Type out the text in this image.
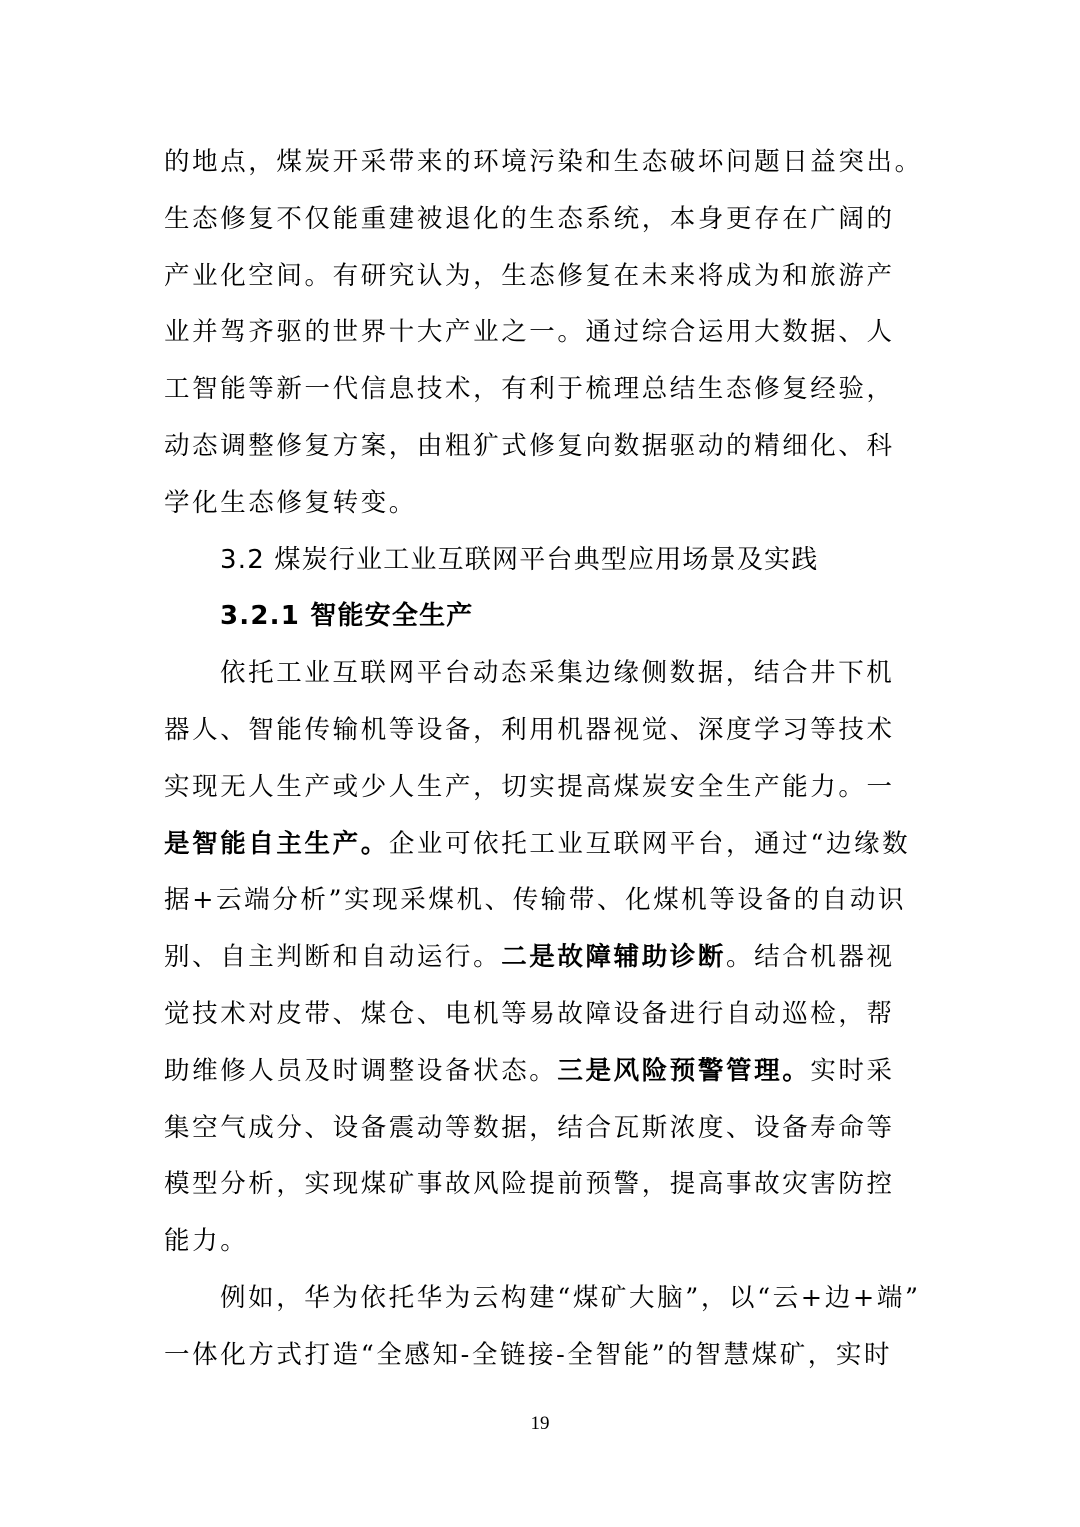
的地点，煤炭开采带来的环境污染和生态破坏问题日益突出。
生态修复不仅能重建被退化的生态系统，本身更存在广阔的
产业化空间。有研究认为，生态修复在未来将成为和旅游产
业并驾齐驱的世界十大产业之一。通过综合运用大数据、人
工智能等新一代信息技术，有利于梳理总结生态修复经验，
动态调整修复方案，由粗犷式修复向数据驱动的精细化、科
学化生态修复转变。
3.2 煤炭行业工业互联网平台典型应用场景及实践
3.2.1 智能安全生产
依托工业互联网平台动态采集边缘侧数据，结合井下机
器人、智能传输机等设备，利用机器视觉、深度学习等技术
实现无人生产或少人生产，切实提高煤炭安全生产能力。一
是智能自主生产。企业可依托工业互联网平台，通过“边缘数
据+云端分析”实现采煤机、传输带、化煤机等设备的自动识
别、自主判断和自动运行。二是故障辅助诊断。结合机器视
觉技术对皮带、煤仓、电机等易故障设备进行自动巡检，帮
助维修人员及时调整设备状态。三是风险预警管理。实时采
集空气成分、设备震动等数据，结合瓦斯浓度、设备寿命等
模型分析，实现煤矿事故风险提前预警，提高事故灾害防控
能力。
例如，华为依托华为云构建“煤矿大脑”，以“云+边+端”
一体化方式打造“全感知-全链接-全智能”的智慧煤矿，实时
19
